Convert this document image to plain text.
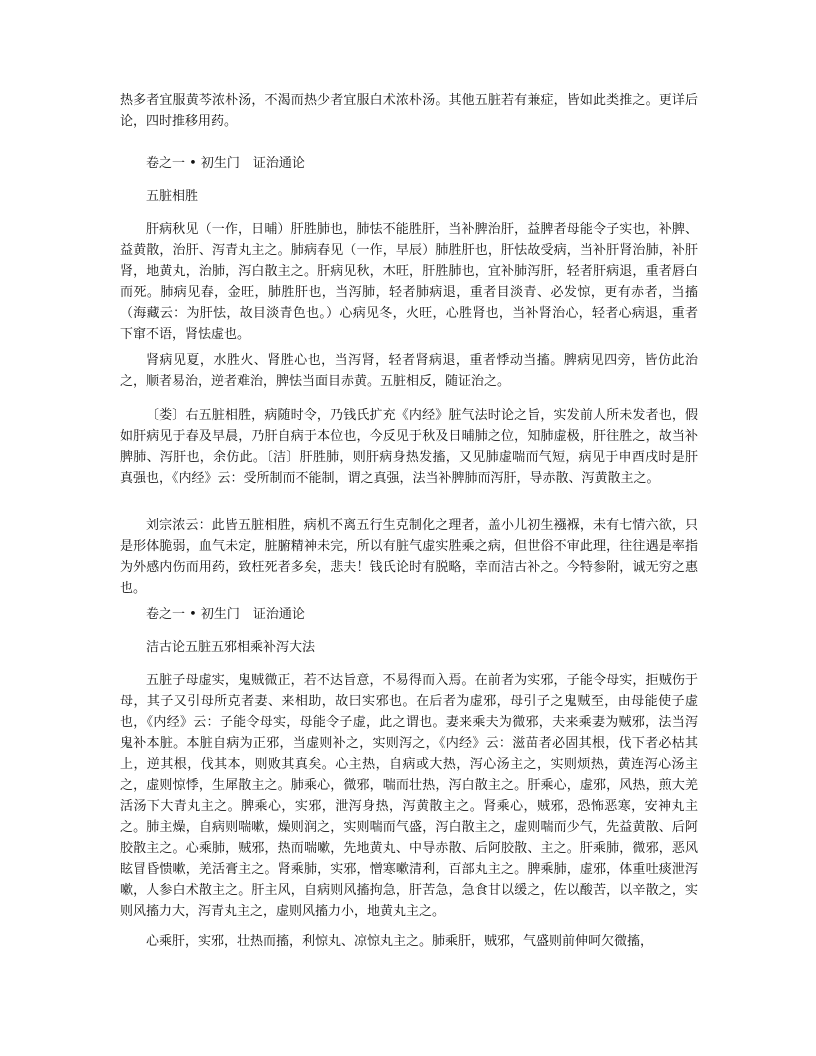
热多者宜服黄芩浓朴汤，不渴而热少者宜服白术浓朴汤。其他五脏若有兼症，皆如此类推之。更详后论，四时推移用药。

卷之一 • 初生门　证治通论

五脏相胜

肝病秋见（一作，日晡）肝胜肺也，肺怯不能胜肝，当补脾治肝，益脾者母能令子实也，补脾、益黄散，治肝、泻青丸主之。肺病春见（一作，早辰）肺胜肝也，肝怯故受病，当补肝肾治肺，补肝肾，地黄丸，治肺，泻白散主之。肝病见秋，木旺，肝胜肺也，宜补肺泻肝，轻者肝病退，重者唇白而死。肺病见春，金旺，肺胜肝也，当泻肺，轻者肺病退，重者目淡青、必发惊，更有赤者，当搐（海藏云：为肝怯，故目淡青色也。）心病见冬，火旺，心胜肾也，当补肾治心，轻者心病退，重者下窜不语，肾怯虚也。

肾病见夏，水胜火、肾胜心也，当泻肾，轻者肾病退，重者悸动当搐。脾病见四旁，皆仿此治之，顺者易治，逆者难治，脾怯当面目赤黄。五脏相反，随证治之。

〔娄〕右五脏相胜，病随时令，乃钱氏扩充《内经》脏气法时论之旨，实发前人所未发者也，假如肝病见于春及早晨，乃肝自病于本位也，今反见于秋及日晡肺之位，知肺虚极，肝往胜之，故当补脾肺、泻肝也，余仿此。〔洁〕肝胜肺，则肝病身热发搐，又见肺虚喘而气短，病见于申酉戌时是肝真强也，《内经》云：受所制而不能制，谓之真强，法当补脾肺而泻肝，导赤散、泻黄散主之。

刘宗浓云：此皆五脏相胜，病机不离五行生克制化之理者，盖小儿初生襁褓，未有七情六欲，只是形体脆弱，血气未定，脏腑精神未完，所以有脏气虚实胜乘之病，但世俗不审此理，往往遇是率指为外感内伤而用药，致枉死者多矣，悲夫！钱氏论时有脱略，幸而洁古补之。今特参附，诚无穷之惠也。

卷之一 • 初生门　证治通论

洁古论五脏五邪相乘补泻大法

五脏子母虚实，鬼贼微正，若不达旨意，不易得而入焉。在前者为实邪，子能令母实，拒贼伤于母，其子又引母所克者妻、来相助，故曰实邪也。在后者为虚邪，母引子之鬼贼至，由母能使子虚也，《内经》云：子能令母实，母能令子虚，此之谓也。妻来乘夫为微邪，夫来乘妻为贼邪，法当泻鬼补本脏。本脏自病为正邪，当虚则补之，实则泻之，《内经》云：滋苗者必固其根，伐下者必枯其上，逆其根，伐其本，则败其真矣。心主热，自病或大热，泻心汤主之，实则烦热，黄连泻心汤主之，虚则惊悸，生犀散主之。肺乘心，微邪，喘而壮热，泻白散主之。肝乘心，虚邪，风热，煎大羌活汤下大青丸主之。脾乘心，实邪，泄泻身热，泻黄散主之。肾乘心，贼邪，恐怖恶寒，安神丸主之。肺主燥，自病则喘嗽，燥则润之，实则喘而气盛，泻白散主之，虚则喘而少气，先益黄散、后阿胶散主之。心乘肺，贼邪，热而喘嗽，先地黄丸、中导赤散、后阿胶散、主之。肝乘肺，微邪，恶风眩冒昏愦嗽，羌活膏主之。肾乘肺，实邪，憎寒嗽清利，百部丸主之。脾乘肺，虚邪，体重吐痰泄泻嗽，人参白术散主之。肝主风，自病则风搐拘急，肝苦急，急食甘以缓之，佐以酸苦，以辛散之，实则风搐力大，泻青丸主之，虚则风搐力小，地黄丸主之。

心乘肝，实邪，壮热而搐，利惊丸、凉惊丸主之。肺乘肝，贼邪，气盛则前伸呵欠微搐，
